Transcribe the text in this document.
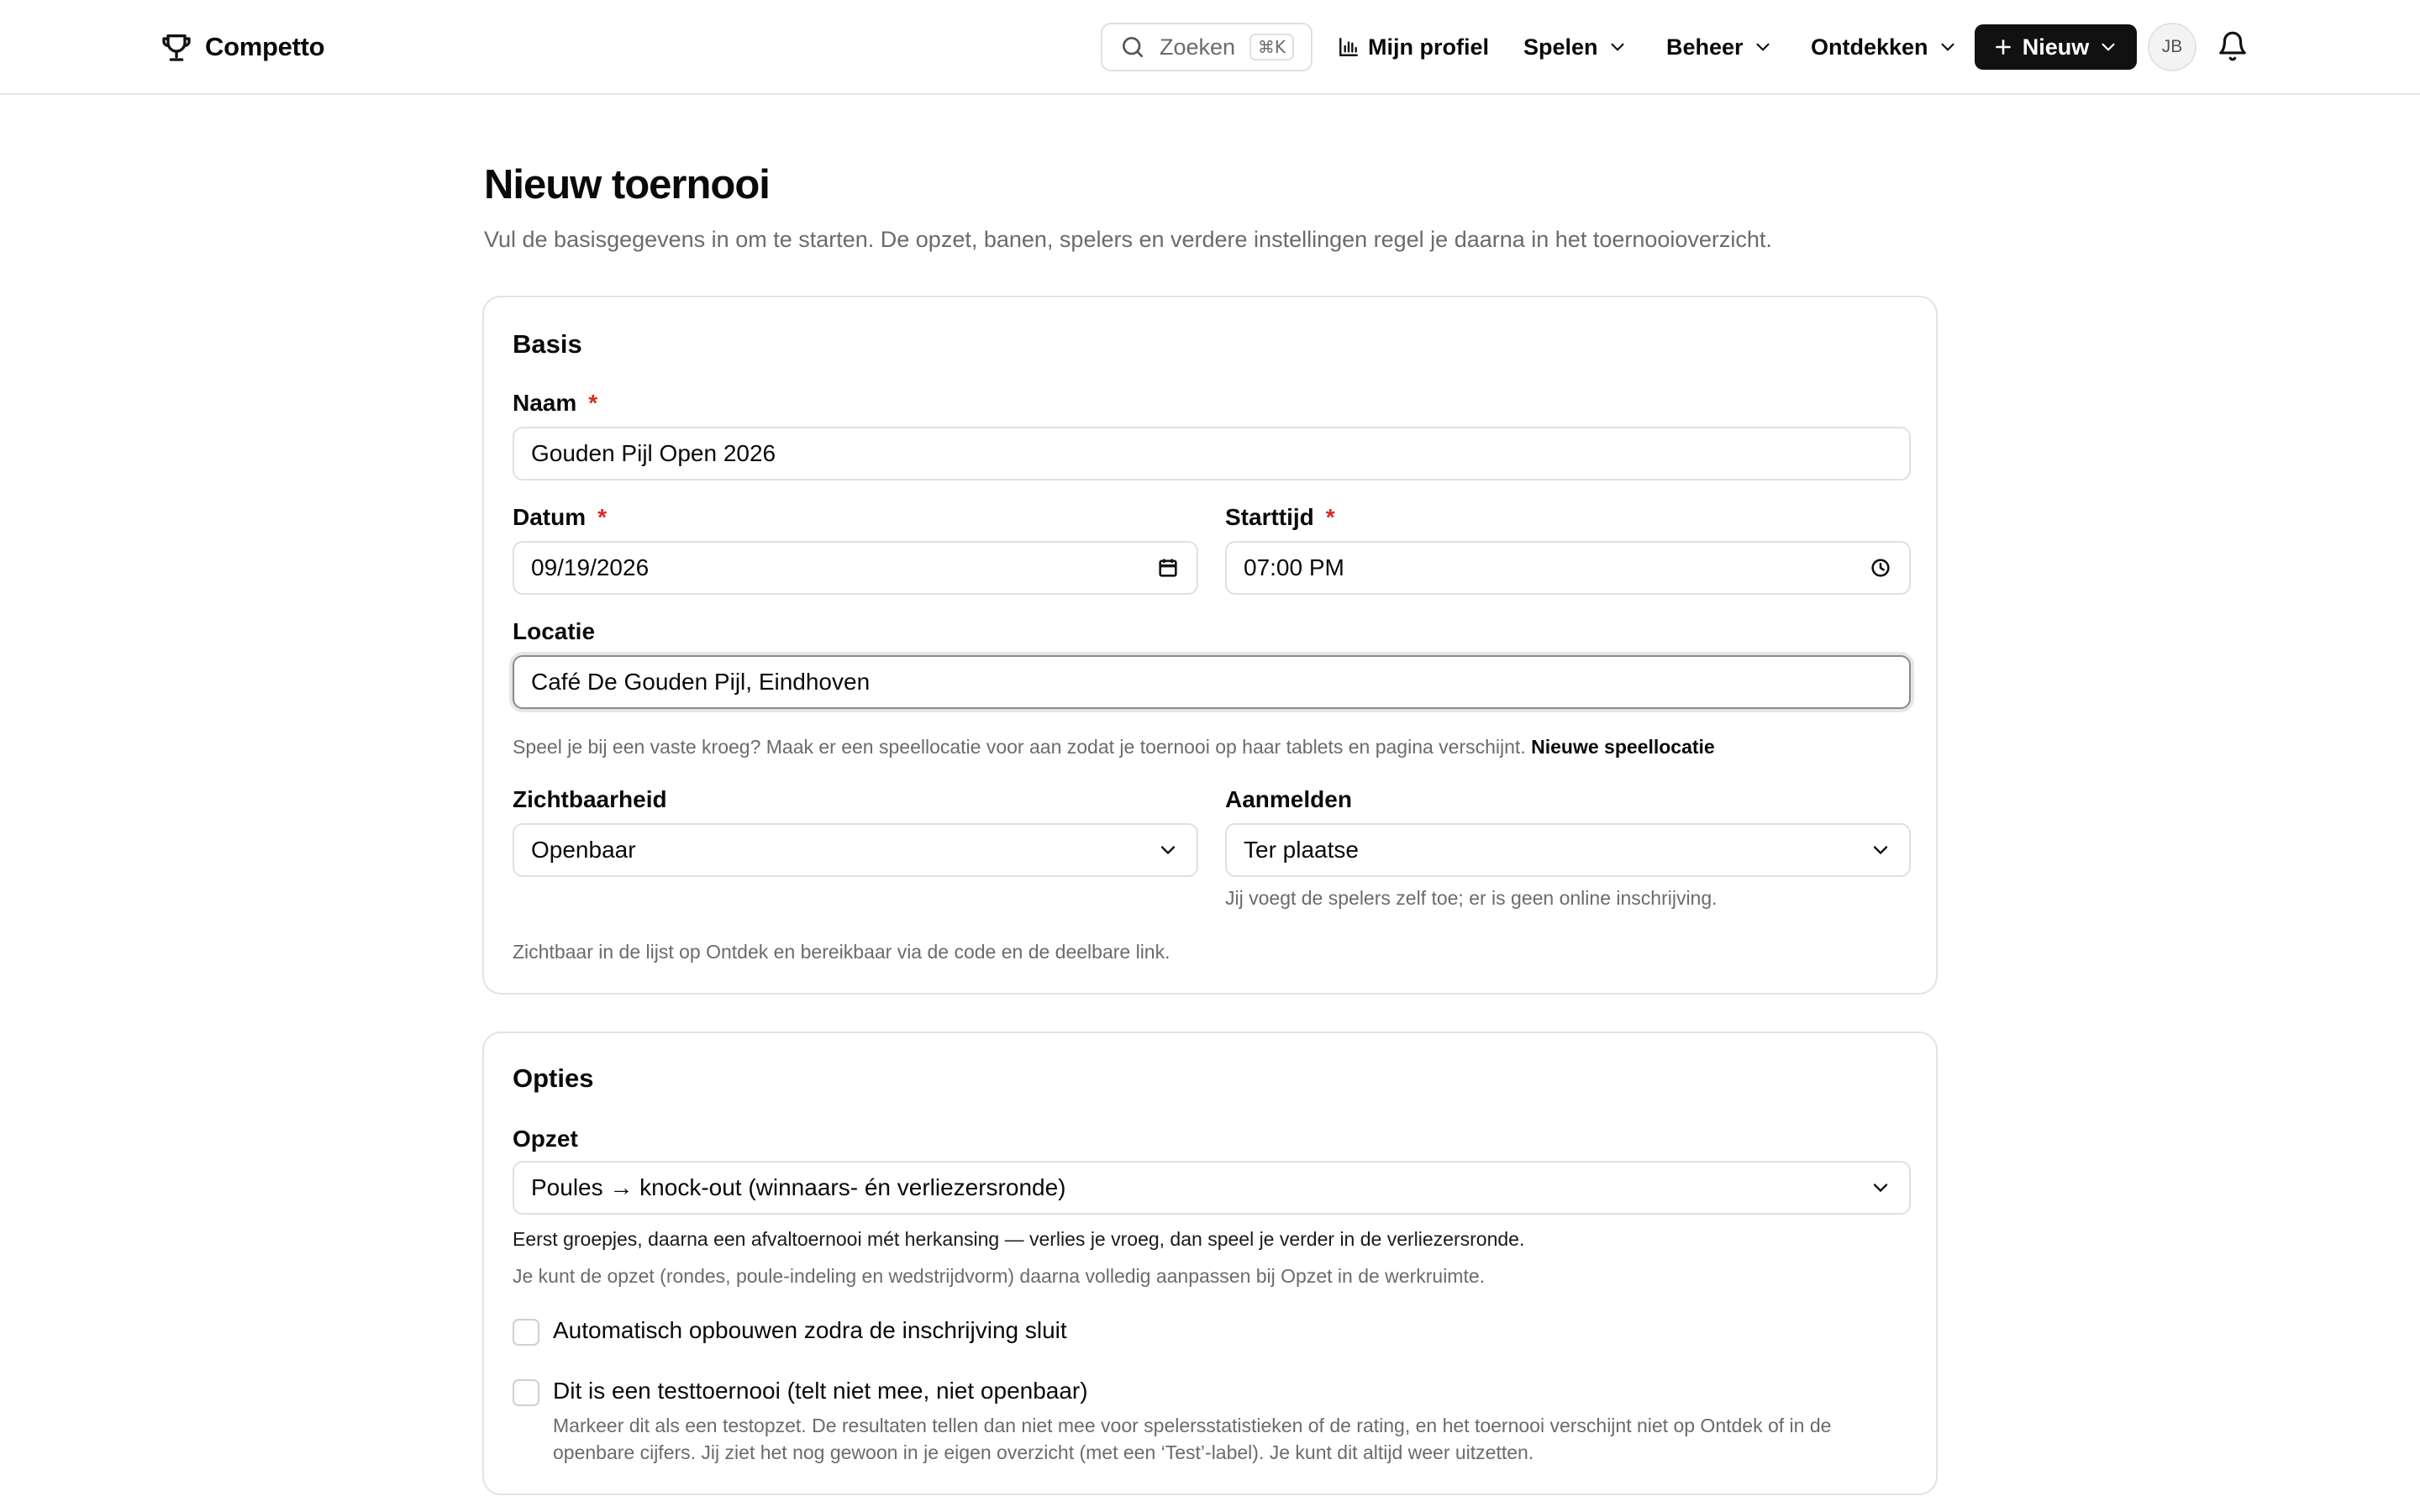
Competto	Zoeken	⌘K	Mijn profiel Spelen	Beheer	Ontdekken	Nieuw	JB
Nieuw toernooi

Vul de basisgegevens in om te starten. De opzet, banen, spelers en verdere instellingen regel je daarna in het toernooioverzicht.

Basis
Naam *
Gouden Pijl Open 2026
Datum *
09/19/2026
Starttijd *
07:00 PM
Locatie
Café De Gouden Pijl, Eindhoven

Speel je bij een vaste kroeg? Maak er een speellocatie voor aan zodat je toernooi op haar tablets en pagina verschijnt. Nieuwe speellocatie

Zichtbaarheid
Openbaar
Aanmelden
Ter plaatse

Jij voegt de spelers zelf toe; er is geen online inschrijving.

Zichtbaar in de lijst op Ontdek en bereikbaar via de code en de deelbare link.

Opties
Opzet
Poules → knock-out (winnaars- én verliezersronde)

Eerst groepjes, daarna een afvaltoernooi mét herkansing — verlies je vroeg, dan speel je verder in de verliezersronde.

Je kunt de opzet (rondes, poule-indeling en wedstrijdvorm) daarna volledig aanpassen bij Opzet in de werkruimte.

Automatisch opbouwen zodra de inschrijving sluit
Dit is een testtoernooi (telt niet mee, niet openbaar)

Markeer dit als een testopzet. De resultaten tellen dan niet mee voor spelersstatistieken of de rating, en het toernooi verschijnt niet op Ontdek of in de

openbare cijfers. Jij ziet het nog gewoon in je eigen overzicht (met een ‘Test’-label). Je kunt dit altijd weer uitzetten.
